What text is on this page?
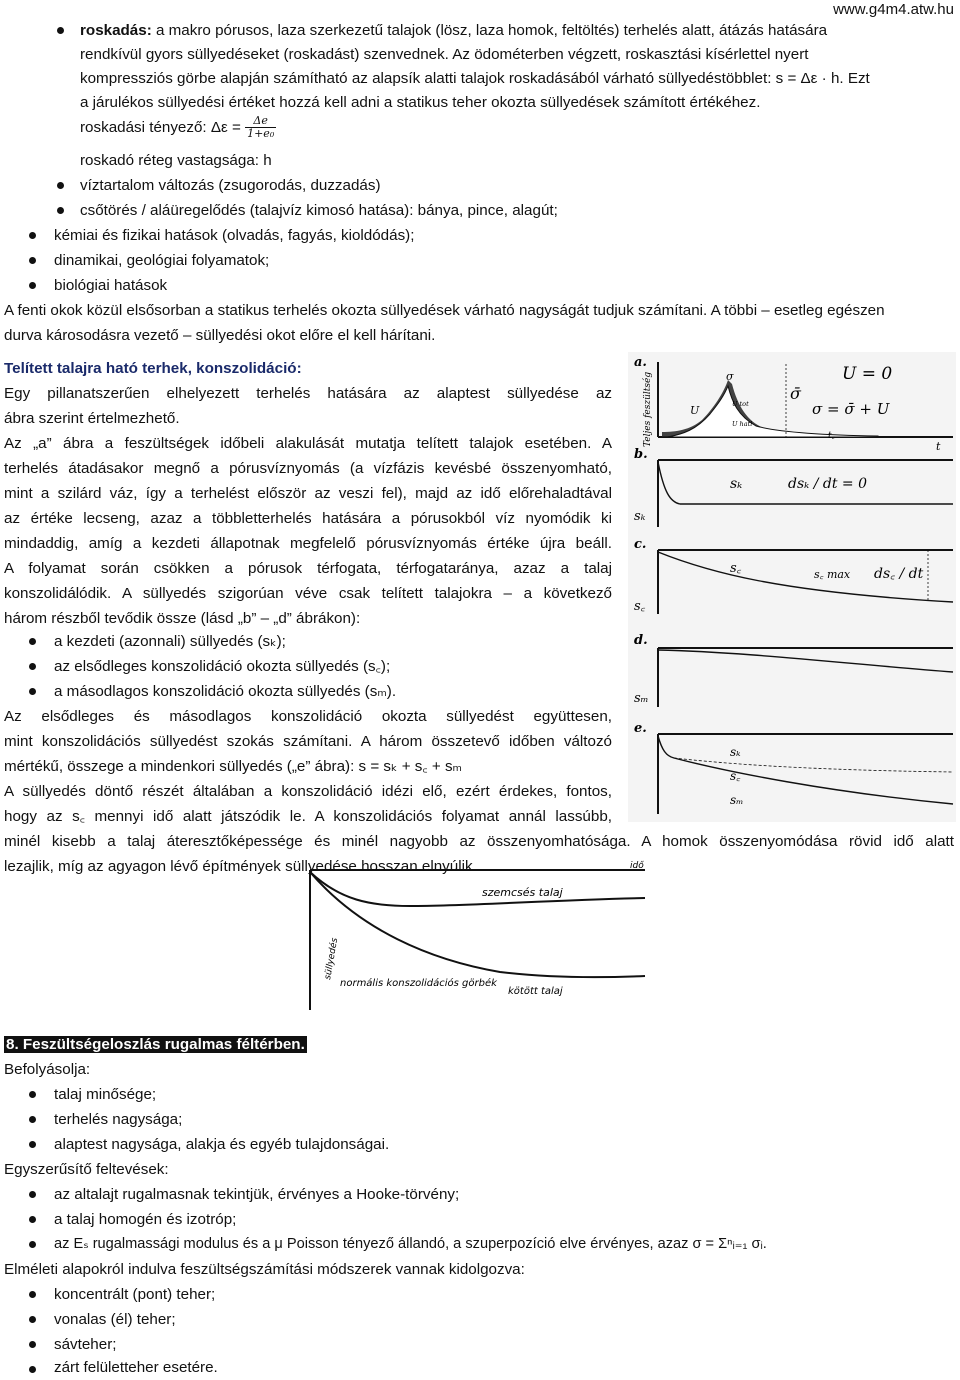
www.g4m4.atw.hu
roskadás: a makro pórusos, laza szerkezetű talajok (lösz, laza homok, feltöltés) terhelés alatt, átázás hatására
rendkívül gyors süllyedéseket (roskadást) szenvednek. Az ödométerben végzett, roskasztási kísérlettel nyert
kompressziós görbe alapján számítható az alapsík alatti talajok roskadásából várható süllyedéstöbblet: s = Δε · h. Ezt
a járulékos süllyedési értéket hozzá kell adni a statikus teher okozta süllyedések számított értékéhez.
roskadási tényező: $\Delta\varepsilon = \frac{\Delta e}{\text{1+e₀}}$
roskadó réteg vastagsága: h
víztartalom változás (zsugorodás, duzzadás)
csőtörés / aláüregelődés (talajvíz kimosó hatása): bánya, pince, alagút;
kémiai és fizikai hatások (olvadás, fagyás, kioldódás);
dinamikai, geológiai folyamatok;
biológiai hatások
A fenti okok közül elsősorban a statikus terhelés okozta süllyedések várható nagyságát tudjuk számítani. A többi – esetleg egészen
durva károsodásra vezető – süllyedési okot előre el kell hárítani.
Telített talajra ható terhek, konszolidáció:
Egy pillanatszerűen elhelyezett terhelés hatására az alaptest süllyedése az
ábra szerint értelmezhető.
Az „a” ábra a feszültségek időbeli alakulását mutatja telített talajok esetében. A
terhelés átadásakor megnő a pórusvíznyomás (a vízfázis kevésbé összenyomható,
mint a szilárd váz, így a terhelést először az veszi fel), majd az idő előrehaladtával
az értéke lecseng, azaz a többletterhelés hatására a pórusokból víz nyomódik ki
mindaddig, amíg a kezdeti állapotnak megfelelő pórusvíznyomás értéke újra beáll.
A folyamat során csökken a pórusok térfogata, térfogataránya, azaz a talaj
konszolidálódik. A süllyedés szigorúan véve csak telített talajokra – a következő
három részből tevődik össze (lásd „b” – „d” ábrákon):
a kezdeti (azonnali) süllyedés (sₖ);
az elsődleges konszolidáció okozta süllyedés (s꜀);
a másodlagos konszolidáció okozta süllyedés (sₘ).
Az elsődleges és másodlagos konszolidáció okozta süllyedést együttesen,
mint konszolidációs süllyedést szokás számítani. A három összetevő időben változó
mértékű, összege a mindenkori süllyedés („e” ábra): s = sₖ + s꜀ + sₘ
A süllyedés döntő részét általában a konszolidáció idézi elő, ezért érdekes, fontos,
hogy az s꜀ mennyi idő alatt játszódik le. A konszolidációs folyamat annál lassúbb,
minél kisebb a talaj áteresztőképessége és minél nagyobb az összenyomhatósága. A homok összenyomódása rövid idő alatt
lezajlik, míg az agyagon lévő építmények süllyedése hosszan elnyúlik.
a.
Teljes feszültség	U
σ
U tot
U hatl
U = 0
σ̄
σ = σ̄ + U
t꜀
t
b.
sₖ
sₖ	dsₖ / dt = 0
c.
s꜀
s꜀	s꜀ max ds꜀ / dt
d.
sₘ
e.
sₖ
s꜀
sₘ
süllyedés
idő
szemcsés talaj
kötött talaj
normális konszolidációs görbék
8. Feszültségeloszlás rugalmas féltérben.
Befolyásolja:
talaj minősége;
terhelés nagysága;
alaptest nagysága, alakja és egyéb tulajdonságai.
Egyszerűsítő feltevések:
az altalajt rugalmasnak tekintjük, érvényes a Hooke-törvény;
a talaj homogén és izotróp;
az Eₛ rugalmassági modulus és a μ Poisson tényező állandó, a szuperpozíció elve érvényes, azaz σ = Σⁿᵢ₌₁ σᵢ.
Elméleti alapokról indulva feszültségszámítási módszerek vannak kidolgozva:
koncentrált (pont) teher;
vonalas (él) teher;
sávteher;
zárt felületteher esetére.
